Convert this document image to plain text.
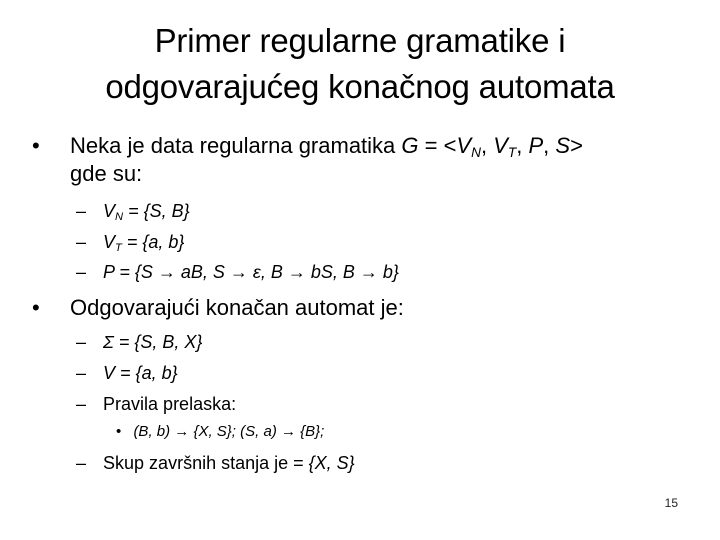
Primer regularne gramatike i
odgovarajućeg konačnog automata
• Neka je data regularna gramatika $G = <V_N$, $V_T$, P, S>
gde su:
– $V_N = \{S$, B}
– $V_T = \{a$, b}
– P = {S → aB, S → ε, B → bS, B → b}
• Odgovarajući konačan automat je:
– Σ = {S, B, X}
– V = {a, b}
– Pravila prelaska:
• (B, b) → {X, S}; (S, a) → {B};
– Skup završnih stanja je = {X, S}
15
